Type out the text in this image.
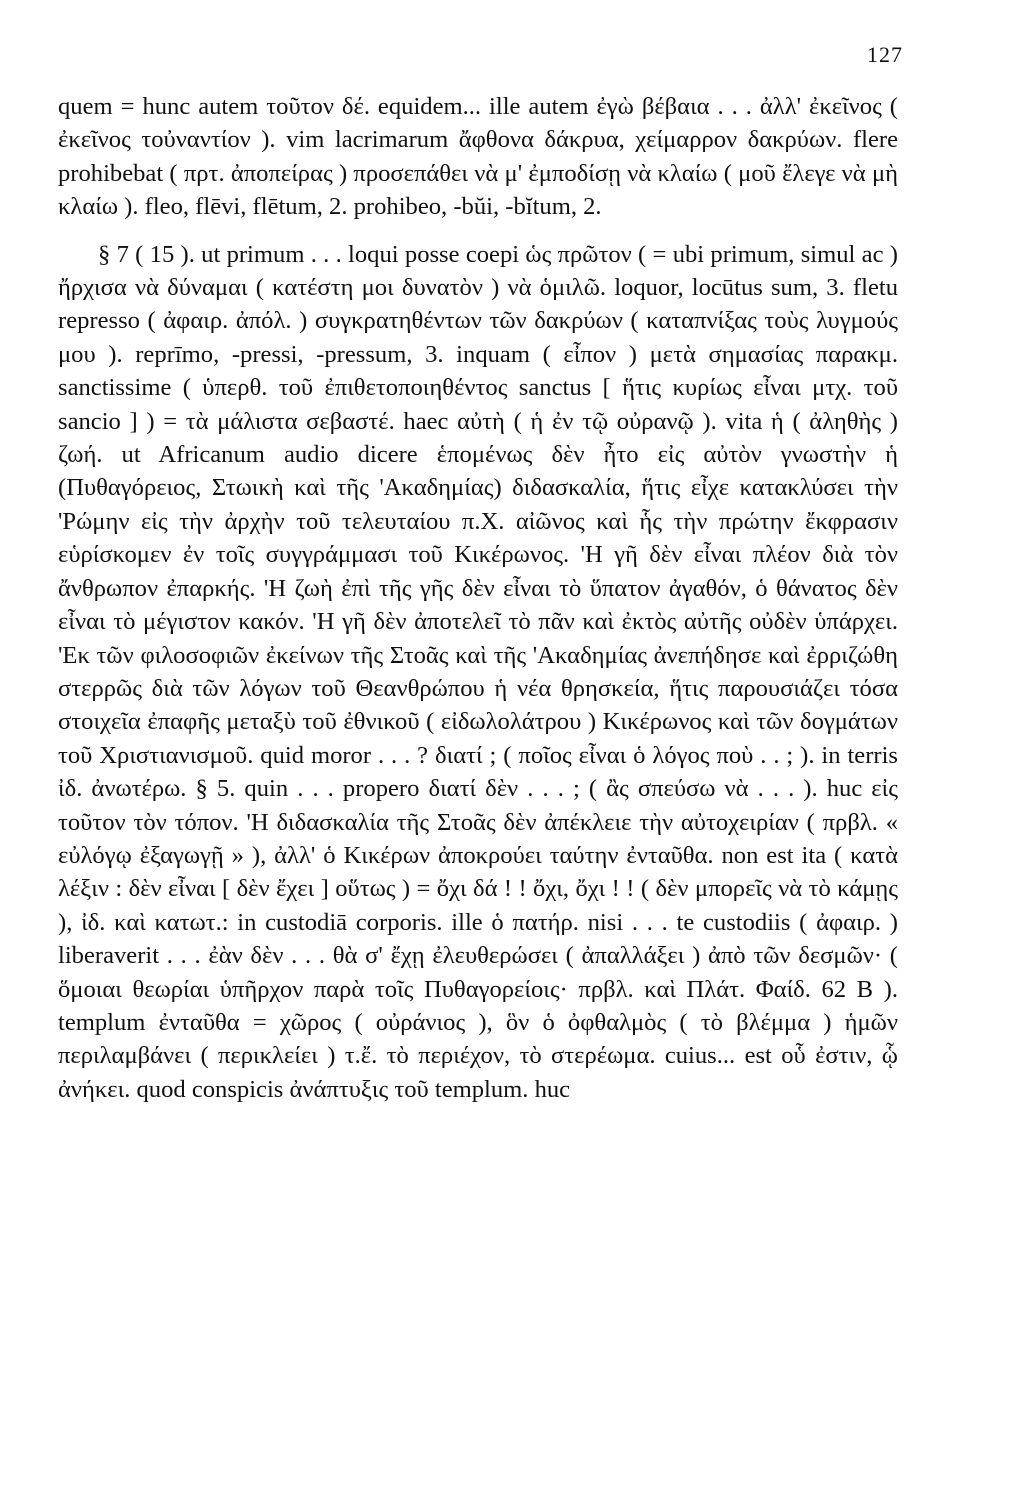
127

quem = hunc autem τοῦτον δέ. equidem... ille autem ἐγὼ βέβαια . . . ἀλλ' ἐκεῖνος ( ἐκεῖνος τοὐναντίον ). vim lacrimarum ἄφθονα δάκρυα, χείμαρρον δακρύων. flere prohibebat ( πρτ. ἀποπείρας ) προσεπάθει νὰ μ' ἐμποδίσῃ νὰ κλαίω ( μοῦ ἔλεγε νὰ μὴ κλαίω ). fleo, flēvi, flētum, 2. prohibeo, -bŭi, -bĭtum, 2.

§ 7 ( 15 ). ut primum . . . loqui posse coepi ὡς πρῶτον ( = ubi primum, simul ac ) ἤρχισα νὰ δύναμαι ( κατέστη μοι δυνατὸν ) νὰ ὁμιλῶ. loquor, locūtus sum, 3. fletu represso ( ἀφαιρ. ἀπόλ. ) συγκρατηθέντων τῶν δακρύων ( καταπνίξας τοὺς λυγμούς μου ). reprīmo, -pressi, -pressum, 3. inquam ( εἶπον ) μετὰ σημασίας παρακμ. sanctissime ( ὑπερθ. τοῦ ἐπιθετοποιηθέντος sanctus [ ἥτις κυρίως εἶναι μτχ. τοῦ sancio ] ) = τὰ μάλιστα σεβαστέ. haec αὐτὴ ( ἡ ἐν τῷ οὐρανῷ ). vita ἡ ( ἀληθὴς ) ζωή. ut Africanum audio dicere ἑπομένως δὲν ἦτο εἰς αὐτὸν γνωστὴν ἡ (Πυθαγόρειος, Στωικὴ καὶ τῆς 'Ακαδημίας) διδασκαλία, ἥτις εἶχε κατακλύσει τὴν 'Ρώμην εἰς τὴν ἀρχὴν τοῦ τελευταίου π.Χ. αἰῶνος καὶ ἧς τὴν πρώτην ἔκφρασιν εὑρίσκομεν ἐν τοῖς συγγράμμασι τοῦ Κικέρωνος. 'Η γῆ δὲν εἶναι πλέον διὰ τὸν ἄνθρωπον ἐπαρκής. 'Η ζωὴ ἐπὶ τῆς γῆς δὲν εἶναι τὸ ὕπατον ἀγαθόν, ὁ θάνατος δὲν εἶναι τὸ μέγιστον κακόν. 'Η γῆ δὲν ἀποτελεῖ τὸ πᾶν καὶ ἐκτὸς αὐτῆς οὐδὲν ὑπάρχει. 'Εκ τῶν φιλοσοφιῶν ἐκείνων τῆς Στοᾶς καὶ τῆς 'Ακαδημίας ἀνεπήδησε καὶ ἐρριζώθη στερρῶς διὰ τῶν λόγων τοῦ Θεανθρώπου ἡ νέα θρησκεία, ἥτις παρουσιάζει τόσα στοιχεῖα ἐπαφῆς μεταξὺ τοῦ ἐθνικοῦ ( εἰδωλολάτρου ) Κικέρωνος καὶ τῶν δογμάτων τοῦ Χριστιανισμοῦ. quid moror . . . ? διατί ; ( ποῖος εἶναι ὁ λόγος ποὺ . . ; ). in terris ἰδ. ἀνωτέρω. § 5. quin . . . propero διατί δὲν . . . ; ( ἂς σπεύσω νὰ . . . ). huc εἰς τοῦτον τὸν τόπον. 'Η διδασκαλία τῆς Στοᾶς δὲν ἀπέκλειε τὴν αὐτοχειρίαν ( πρβλ. « εὐλόγῳ ἐξαγωγῇ » ), ἀλλ' ὁ Κικέρων ἀποκρούει ταύτην ἐνταῦθα. non est ita ( κατὰ λέξιν : δὲν εἶναι [ δὲν ἔχει ] οὕτως ) = ὄχι δά ! ! ὄχι, ὄχι ! ! ( δὲν μπορεῖς νὰ τὸ κάμῃς ), ἰδ. καὶ κατωτ.: in custodiā corporis. ille ὁ πατήρ. nisi . . . te custodiis ( ἀφαιρ. ) liberaverit . . . ἐὰν δὲν . . . θὰ σ' ἔχῃ ἐλευθερώσει ( ἀπαλλάξει ) ἀπὸ τῶν δεσμῶν· ( ὅμοιαι θεωρίαι ὑπῆρχον παρὰ τοῖς Πυθαγορείοις· πρβλ. καὶ Πλάτ. Φαίδ. 62 B ). templum ἐνταῦθα = χῶρος ( οὐράνιος ), ὃν ὁ ὀφθαλμὸς ( τὸ βλέμμα ) ἡμῶν περιλαμβάνει ( περικλείει ) τ.ἔ. τὸ περιέχον, τὸ στερέωμα. cuius... est οὗ ἐστιν, ᾧ ἀνήκει. quod conspicis ἀνάπτυξις τοῦ templum. huc
